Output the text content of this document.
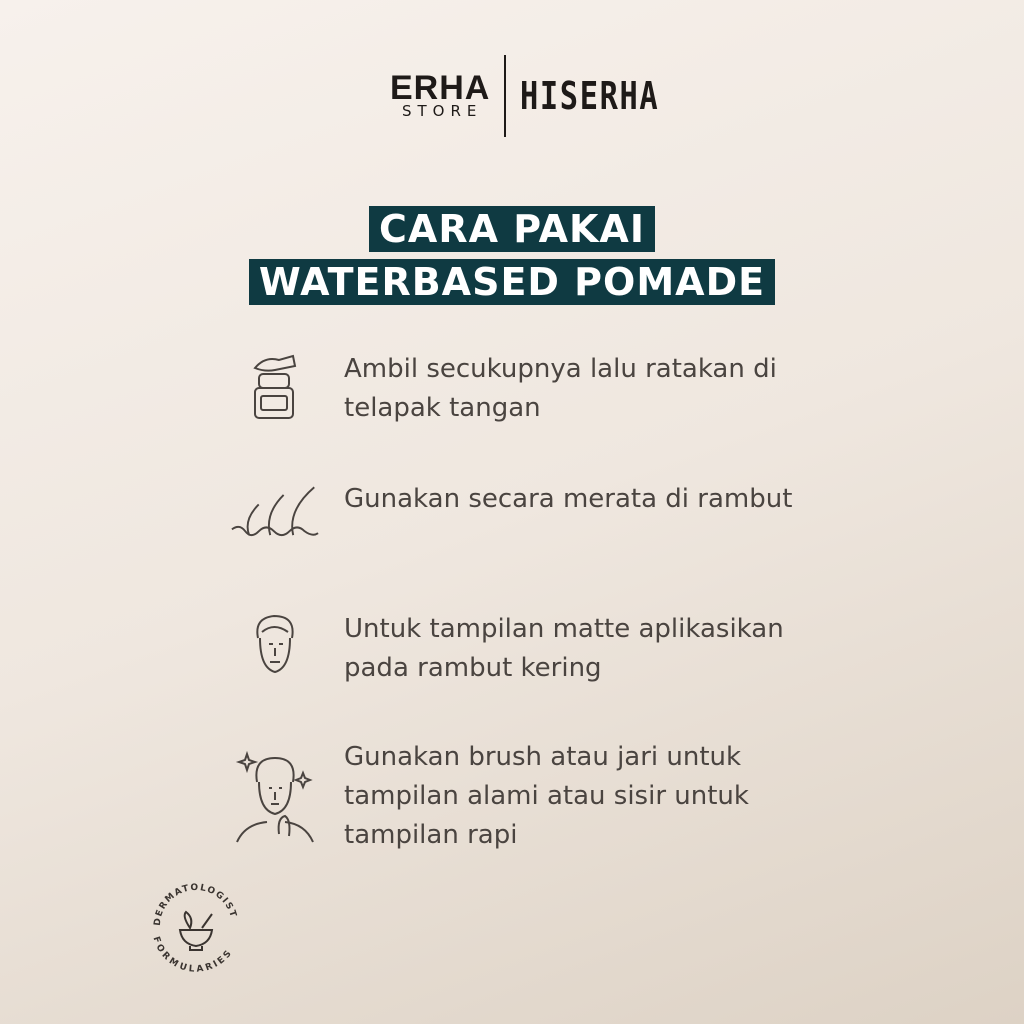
ERHA
STORE HISERHA
CARA PAKAI
WATERBASED POMADE
Ambil secukupnya lalu ratakan di telapak tangan
Gunakan secara merata di rambut
Untuk tampilan matte aplikasikan pada rambut kering
Gunakan brush atau jari untuk tampilan alami atau sisir untuk tampilan rapi
DERMATOLOGIST
FORMULARIES
